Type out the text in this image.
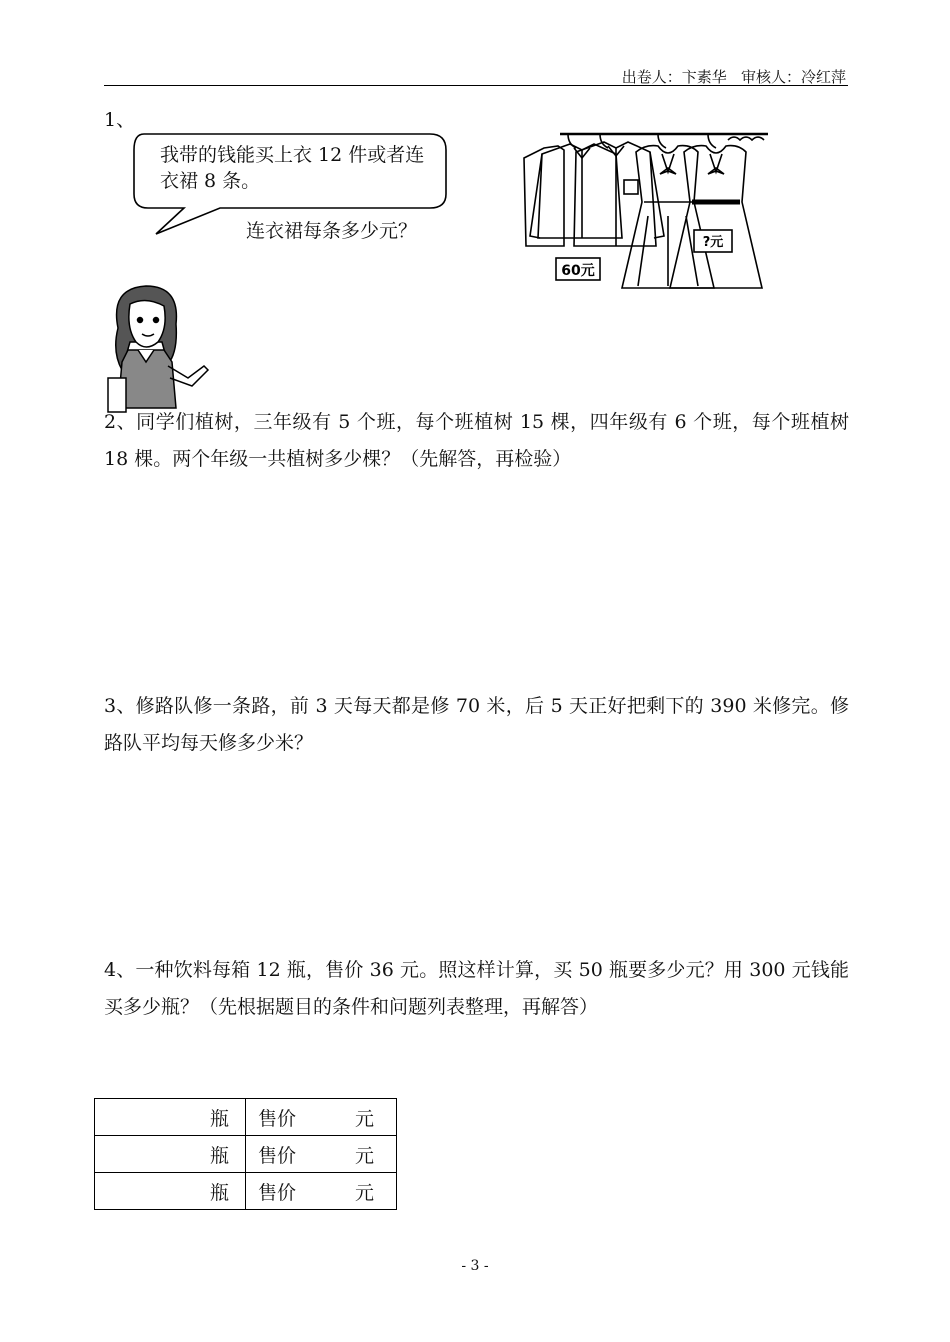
出卷人：卞素华   审核人：冷红萍
1、
我带的钱能买上衣 12 件或者连衣裙 8 条。
连衣裙每条多少元？
60元
?元
2、同学们植树，三年级有 5 个班，每个班植树 15 棵，四年级有 6 个班，每个班植树 18 棵。两个年级一共植树多少棵？（先解答，再检验）
3、修路队修一条路，前 3 天每天都是修 70 米，后 5 天正好把剩下的 390 米修完。修路队平均每天修多少米？
4、一种饮料每箱 12 瓶，售价 36 元。照这样计算，买 50 瓶要多少元？用 300 元钱能买多少瓶？（先根据题目的条件和问题列表整理，再解答）
瓶	售价 元

瓶	售价 元

瓶	售价 元
- 3 -
